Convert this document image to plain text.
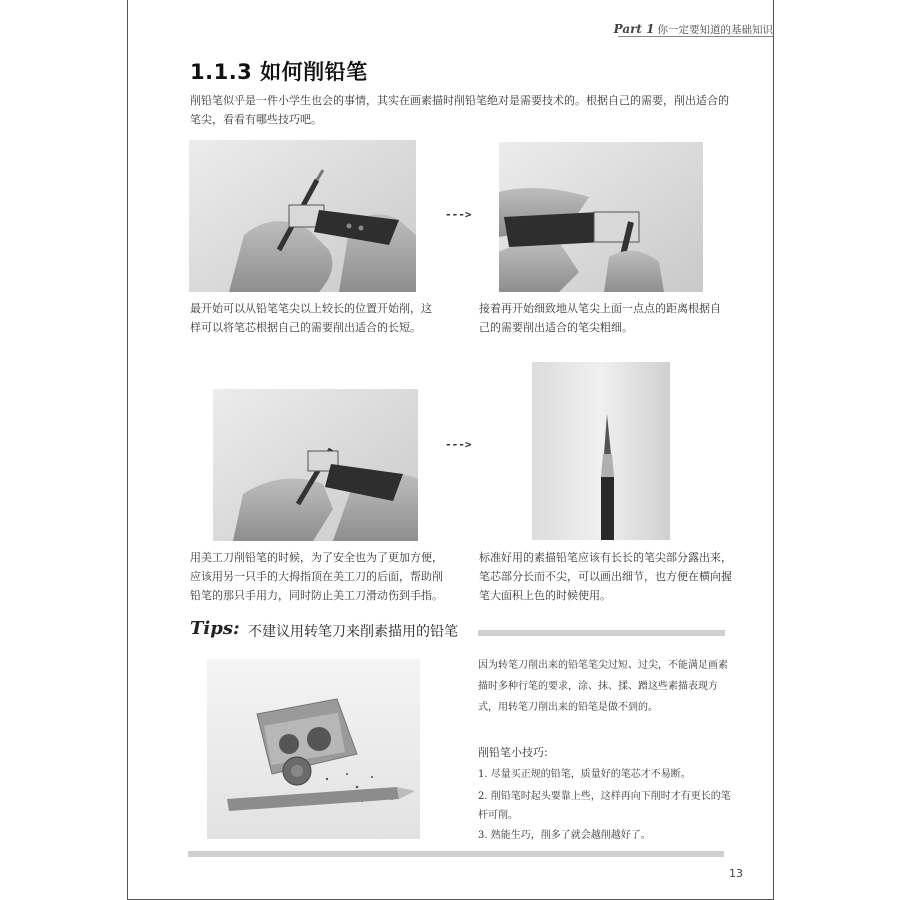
Part 1 你一定要知道的基础知识
1.1.3 如何削铅笔
削铅笔似乎是一件小学生也会的事情，其实在画素描时削铅笔绝对是需要技术的。根据自己的需要，削出适合的笔尖，看看有哪些技巧吧。
--->
最开始可以从铅笔笔尖以上较长的位置开始削，这样可以将笔芯根据自己的需要削出适合的长短。
接着再开始细致地从笔尖上面一点点的距离根据自己的需要削出适合的笔尖粗细。
--->
用美工刀削铅笔的时候，为了安全也为了更加方便，应该用另一只手的大拇指顶在美工刀的后面，帮助削铅笔的那只手用力，同时防止美工刀滑动伤到手指。
标准好用的素描铅笔应该有长长的笔尖部分露出来，笔芯部分长而不尖，可以画出细节，也方便在横向握笔大面积上色的时候使用。
Tips: 不建议用转笔刀来削素描用的铅笔
因为转笔刀削出来的铅笔笔尖过短、过尖，不能满足画素描时多种行笔的要求，涂、抹、揉、蹭这些素描表现方式，用转笔刀削出来的铅笔是做不到的。
削铅笔小技巧:
1. 尽量买正规的铅笔，质量好的笔芯才不易断。
2. 削铅笔时起头要靠上些，这样再向下削时才有更长的笔杆可削。
3. 熟能生巧，削多了就会越削越好了。
13
